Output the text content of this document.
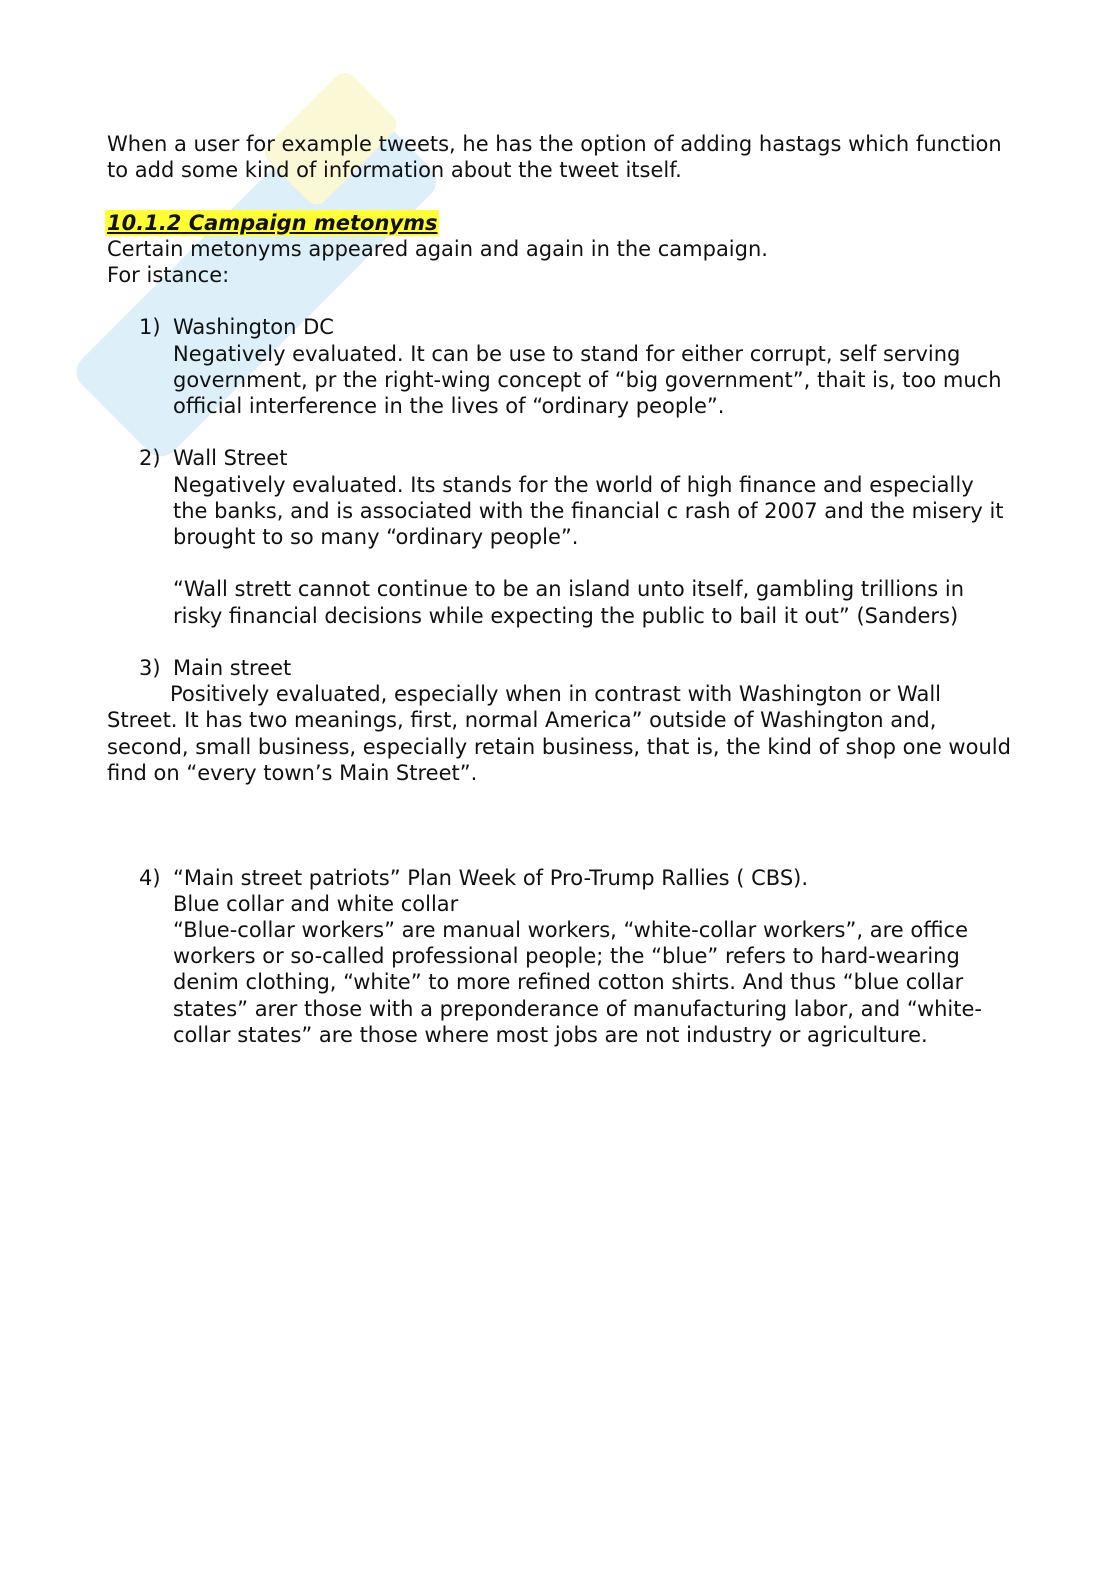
When a user for example tweets, he has the option of adding hastags which function to add some kind of information about the tweet itself.

10.1.2 Campaign metonyms

Certain metonyms appeared again and again in the campaign.

For istance:

1) Washington DC
Negatively evaluated. It can be use to stand for either corrupt, self serving government, pr the right-wing concept of “big government”, thait is, too much official interference in the lives of “ordinary people”.
2) Wall Street
Negatively evaluated. Its stands for the world of high finance and especially the banks, and is associated with the financial c rash of 2007 and the misery it brought to so many “ordinary people”.
“Wall strett cannot continue to be an island unto itself, gambling trillions in risky financial decisions while expecting the public to bail it out” (Sanders)
3) Main street

Positively evaluated, especially when in contrast with Washington or Wall Street. It has two meanings, first, normal America” outside of Washington and, second, small business, especially retain business, that is, the kind of shop one would find on “every town’s Main Street”.

4) “Main street patriots” Plan Week of Pro-Trump Rallies ( CBS).
Blue collar and white collar
“Blue-collar workers” are manual workers, “white-collar workers”, are office workers or so-called professional people; the “blue” refers to hard-wearing denim clothing, “white” to more refined cotton shirts. And thus “blue collar states” arer those with a preponderance of manufacturing labor, and “white-collar states” are those where most jobs are not industry or agriculture.
